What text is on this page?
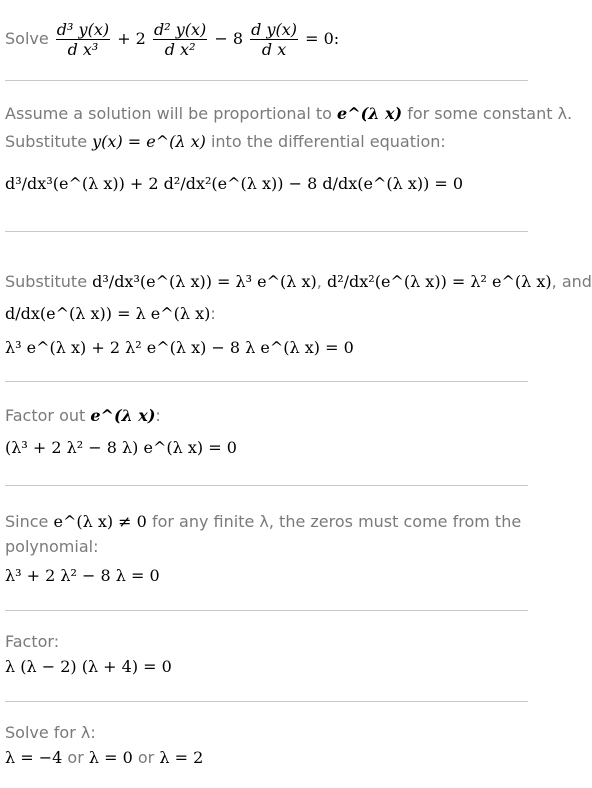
Solve $\frac{\text{d³ y(x)}}{\text{d x³}} + 2 \frac{\text{d² y(x)}}{\text{d x²}} - 8 \frac{\text{d y(x)}}{\text{d x}} = 0$:
Assume a solution will be proportional to e^(λ x) for some constant λ.
Substitute y(x) = e^(λ x) into the differential equation:
d³/dx³(e^(λ x)) + 2 d²/dx²(e^(λ x)) − 8 d/dx(e^(λ x)) = 0
Substitute d³/dx³(e^(λ x)) = λ³ e^(λ x), d²/dx²(e^(λ x)) = λ² e^(λ x), and
d/dx(e^(λ x)) = λ e^(λ x):
λ³ e^(λ x) + 2 λ² e^(λ x) − 8 λ e^(λ x) = 0
Factor out e^(λ x):
(λ³ + 2 λ² − 8 λ) e^(λ x) = 0
Since e^(λ x) ≠ 0 for any finite λ, the zeros must come from the
polynomial:
λ³ + 2 λ² − 8 λ = 0
Factor:
λ (λ − 2) (λ + 4) = 0
Solve for λ:
λ = −4 or λ = 0 or λ = 2
